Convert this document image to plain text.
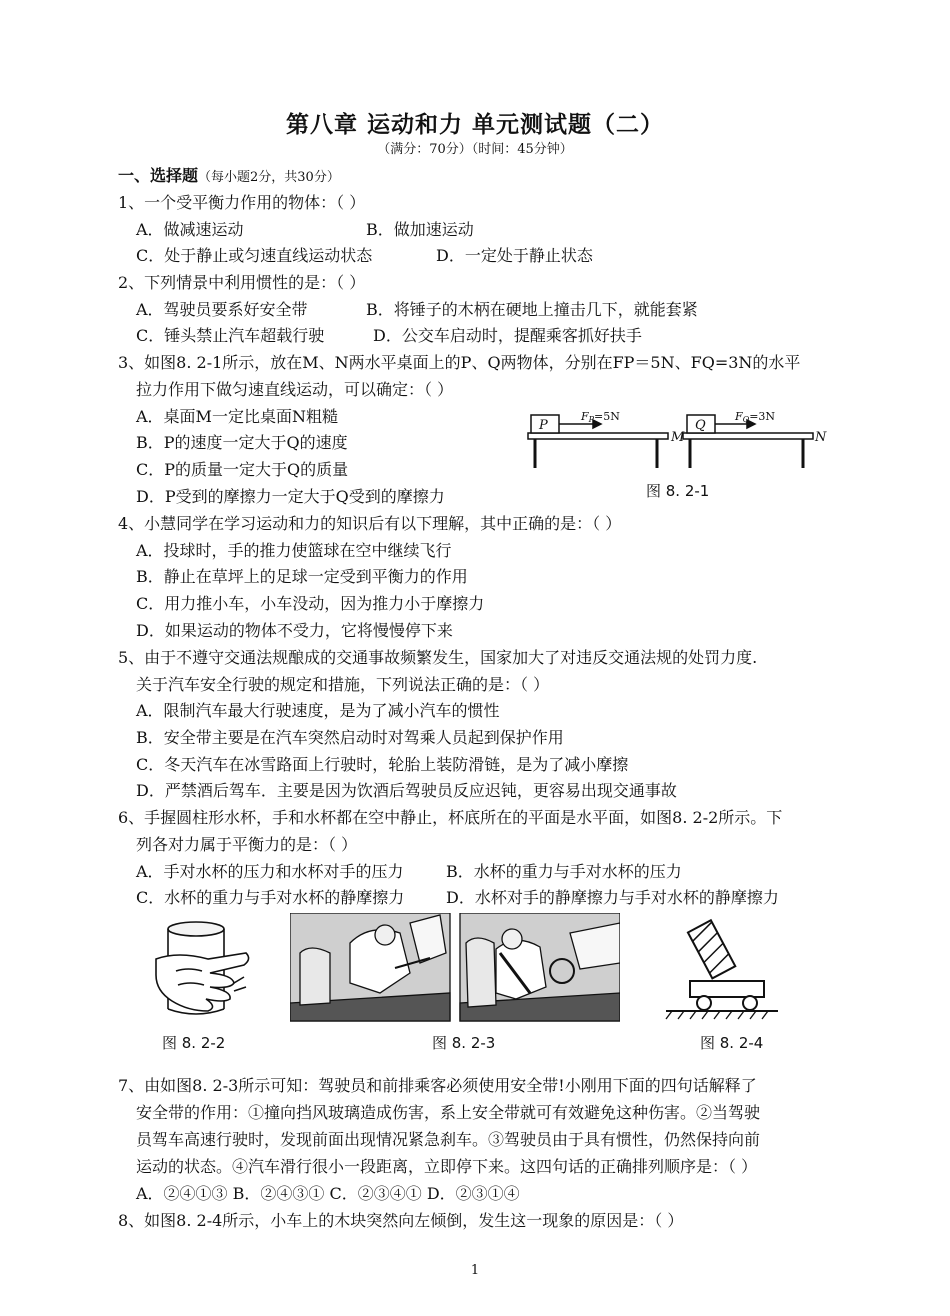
第八章 运动和力 单元测试题（二）
（满分：70分）（时间：45分钟）
一、选择题（每小题2分，共30分）
1、一个受平衡力作用的物体：（ ）
A．做减速运动	B．做加速运动
C．处于静止或匀速直线运动状态	D．一定处于静止状态
2、下列情景中利用惯性的是：（ ）
A．驾驶员要系好安全带	B．将锤子的木柄在硬地上撞击几下，就能套紧
C．锤头禁止汽车超载行驶	D．公交车启动时，提醒乘客抓好扶手
3、如图8. 2-1所示，放在M、N两水平桌面上的P、Q两物体，分别在FP＝5N、FQ=3N的水平
拉力作用下做匀速直线运动，可以确定：（ ）
A．桌面M一定比桌面N粗糙
B．P的速度一定大于Q的速度
C．P的质量一定大于Q的质量
D．P受到的摩擦力一定大于Q受到的摩擦力
P	Q
M	N
FP=5N	FQ=3N
图 8. 2-1
4、小慧同学在学习运动和力的知识后有以下理解，其中正确的是：（ ）
A．投球时，手的推力使篮球在空中继续飞行
B．静止在草坪上的足球一定受到平衡力的作用
C．用力推小车，小车没动，因为推力小于摩擦力
D．如果运动的物体不受力，它将慢慢停下来
5、由于不遵守交通法规酿成的交通事故频繁发生，国家加大了对违反交通法规的处罚力度.
关于汽车安全行驶的规定和措施，下列说法正确的是：（ ）
A．限制汽车最大行驶速度，是为了减小汽车的惯性
B．安全带主要是在汽车突然启动时对驾乘人员起到保护作用
C．冬天汽车在冰雪路面上行驶时，轮胎上装防滑链，是为了减小摩擦
D．严禁酒后驾车．主要是因为饮酒后驾驶员反应迟钝，更容易出现交通事故
6、手握圆柱形水杯，手和水杯都在空中静止，杯底所在的平面是水平面，如图8. 2-2所示。下
列各对力属于平衡力的是：（ ）
A．手对水杯的压力和水杯对手的压力	B．水杯的重力与手对水杯的压力
C．水杯的重力与手对水杯的静摩擦力	D．水杯对手的静摩擦力与手对水杯的静摩擦力
图 8. 2-2	图 8. 2-3	图 8. 2-4
7、由如图8. 2-3所示可知：驾驶员和前排乘客必须使用安全带!小刚用下面的四句话解释了
安全带的作用：①撞向挡风玻璃造成伤害，系上安全带就可有效避免这种伤害。②当驾驶
员驾车高速行驶时，发现前面出现情况紧急刹车。③驾驶员由于具有惯性，仍然保持向前
运动的状态。④汽车滑行很小一段距离，立即停下来。这四句话的正确排列顺序是：（ ）
A．②④①③ B．②④③① C．②③④① D．②③①④
8、如图8. 2-4所示，小车上的木块突然向左倾倒，发生这一现象的原因是：（ ）
1
